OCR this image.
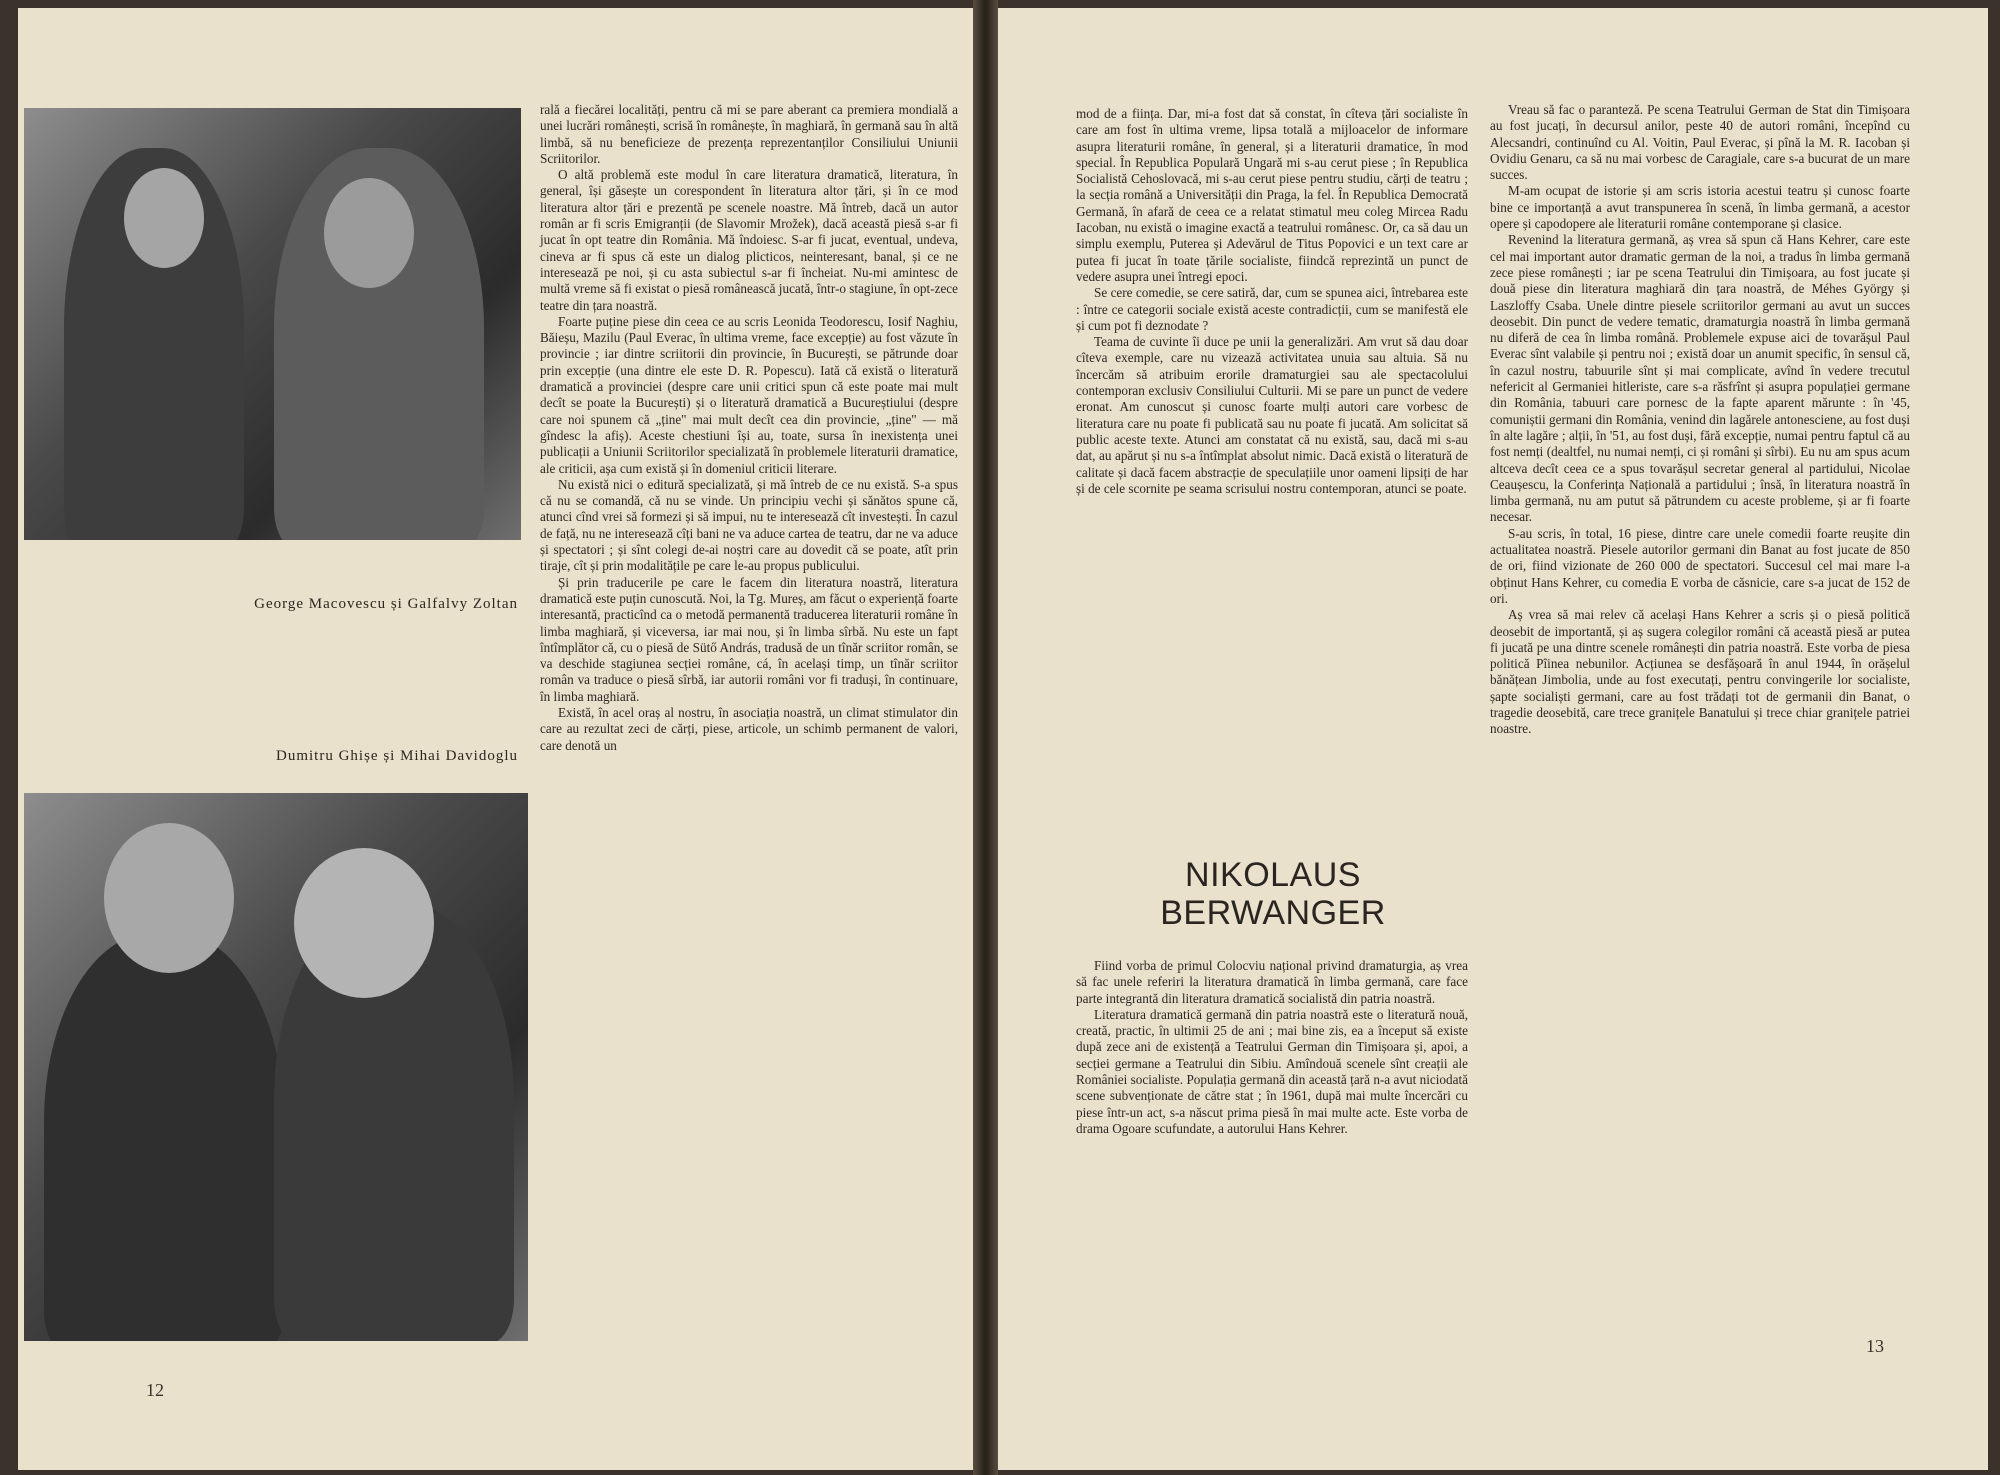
George Macovescu și Galfalvy Zoltan
Dumitru Ghișe și Mihai Davidoglu

rală a fiecărei localități, pentru că mi se pare aberant ca premiera mondială a unei lucrări românești, scrisă în românește, în maghiară, în germană sau în altă limbă, să nu beneficieze de prezența reprezentanților Consiliului Uniunii Scriitorilor.

O altă problemă este modul în care literatura dramatică, literatura, în general, își găsește un corespondent în literatura altor țări, și în ce mod literatura altor țări e prezentă pe scenele noastre. Mă întreb, dacă un autor român ar fi scris Emigranții (de Slavomir Mrožek), dacă această piesă s-ar fi jucat în opt teatre din România. Mă îndoiesc. S-ar fi jucat, eventual, undeva, cineva ar fi spus că este un dialog plicticos, neinteresant, banal, și ce ne interesează pe noi, și cu asta subiectul s-ar fi încheiat. Nu-mi amintesc de multă vreme să fi existat o piesă românească jucată, într-o stagiune, în opt-zece teatre din țara noastră.

Foarte puține piese din ceea ce au scris Leonida Teodorescu, Iosif Naghiu, Băieșu, Mazilu (Paul Everac, în ultima vreme, face excepție) au fost văzute în provincie ; iar dintre scriitorii din provincie, în București, se pătrunde doar prin excepție (una dintre ele este D. R. Popescu). Iată că există o literatură dramatică a provinciei (despre care unii critici spun că este poate mai mult decît se poate la București) și o literatură dramatică a Bucureștiului (despre care noi spunem că „ține" mai mult decît cea din provincie, „ține" — mă gîndesc la afiș). Aceste chestiuni își au, toate, sursa în inexistența unei publicații a Uniunii Scriitorilor specializată în problemele literaturii dramatice, ale criticii, așa cum există și în domeniul criticii literare.

Nu există nici o editură specializată, și mă întreb de ce nu există. S-a spus că nu se comandă, că nu se vinde. Un principiu vechi și sănătos spune că, atunci cînd vrei să formezi și să impui, nu te interesează cît investești. În cazul de față, nu ne interesează cîți bani ne va aduce cartea de teatru, dar ne va aduce și spectatori ; și sînt colegi de-ai noștri care au dovedit că se poate, atît prin tiraje, cît și prin modalitățile pe care le-au propus publicului.

Și prin traducerile pe care le facem din literatura noastră, literatura dramatică este puțin cunoscută. Noi, la Tg. Mureș, am făcut o experiență foarte interesantă, practicînd ca o metodă permanentă traducerea literaturii române în limba maghiară, și viceversa, iar mai nou, și în limba sîrbă. Nu este un fapt întîmplător că, cu o piesă de Sütő András, tradusă de un tînăr scriitor român, se va deschide stagiunea secției române, cá, în același timp, un tînăr scriitor român va traduce o piesă sîrbă, iar autorii români vor fi traduși, în continuare, în limba maghiară.

Există, în acel oraș al nostru, în asociația noastră, un climat stimulator din care au rezultat zeci de cărți, piese, articole, un schimb permanent de valori, care denotă un

12

mod de a ființa. Dar, mi-a fost dat să constat, în cîteva țări socialiste în care am fost în ultima vreme, lipsa totală a mijloacelor de informare asupra literaturii române, în general, și a literaturii dramatice, în mod special. În Republica Populară Ungară mi s-au cerut piese ; în Republica Socialistă Cehoslovacă, mi s-au cerut piese pentru studiu, cărți de teatru ; la secția română a Universității din Praga, la fel. În Republica Democrată Germană, în afară de ceea ce a relatat stimatul meu coleg Mircea Radu Iacoban, nu există o imagine exactă a teatrului românesc. Or, ca să dau un simplu exemplu, Puterea și Adevărul de Titus Popovici e un text care ar putea fi jucat în toate țările socialiste, fiindcă reprezintă un punct de vedere asupra unei întregi epoci.

Se cere comedie, se cere satiră, dar, cum se spunea aici, întrebarea este : între ce categorii sociale există aceste contradicții, cum se manifestă ele și cum pot fi deznodate ?

Teama de cuvinte îi duce pe unii la generalizări. Am vrut să dau doar cîteva exemple, care nu vizează activitatea unuia sau altuia. Să nu încercăm să atribuim erorile dramaturgiei sau ale spectacolului contemporan exclusiv Consiliului Culturii. Mi se pare un punct de vedere eronat. Am cunoscut și cunosc foarte mulți autori care vorbesc de literatura care nu poate fi publicată sau nu poate fi jucată. Am solicitat să public aceste texte. Atunci am constatat că nu există, sau, dacă mi s-au dat, au apărut și nu s-a întîmplat absolut nimic. Dacă există o literatură de calitate și dacă facem abstracție de speculațiile unor oameni lipsiți de har și de cele scornite pe seama scrisului nostru contemporan, atunci se poate.

NIKOLAUS BERWANGER

Fiind vorba de primul Colocviu național privind dramaturgia, aș vrea să fac unele referiri la literatura dramatică în limba germană, care face parte integrantă din literatura dramatică socialistă din patria noastră.

Literatura dramatică germană din patria noastră este o literatură nouă, creată, practic, în ultimii 25 de ani ; mai bine zis, ea a început să existe după zece ani de existență a Teatrului German din Timișoara și, apoi, a secției germane a Teatrului din Sibiu. Amîndouă scenele sînt creații ale României socialiste. Populația germană din această țară n-a avut niciodată scene subvenționate de către stat ; în 1961, după mai multe încercări cu piese într-un act, s-a născut prima piesă în mai multe acte. Este vorba de drama Ogoare scufundate, a autorului Hans Kehrer.

Vreau să fac o paranteză. Pe scena Teatrului German de Stat din Timișoara au fost jucați, în decursul anilor, peste 40 de autori români, începînd cu Alecsandri, continuînd cu Al. Voitin, Paul Everac, și pînă la M. R. Iacoban și Ovidiu Genaru, ca să nu mai vorbesc de Caragiale, care s-a bucurat de un mare succes.

M-am ocupat de istorie și am scris istoria acestui teatru și cunosc foarte bine ce importanță a avut transpunerea în scenă, în limba germană, a acestor opere și capodopere ale literaturii române contemporane și clasice.

Revenind la literatura germană, aș vrea să spun că Hans Kehrer, care este cel mai important autor dramatic german de la noi, a tradus în limba germană zece piese românești ; iar pe scena Teatrului din Timișoara, au fost jucate și două piese din literatura maghiară din țara noastră, de Méhes György și Laszloffy Csaba. Unele dintre piesele scriitorilor germani au avut un succes deosebit. Din punct de vedere tematic, dramaturgia noastră în limba germană nu diferă de cea în limba română. Problemele expuse aici de tovarășul Paul Everac sînt valabile și pentru noi ; există doar un anumit specific, în sensul că, în cazul nostru, tabuurile sînt și mai complicate, avînd în vedere trecutul nefericit al Germaniei hitleriste, care s-a răsfrînt și asupra populației germane din România, tabuuri care pornesc de la fapte aparent mărunte : în '45, comuniștii germani din România, venind din lagărele antonesciene, au fost duși în alte lagăre ; alții, în '51, au fost duși, fără excepție, numai pentru faptul că au fost nemți (dealtfel, nu numai nemți, ci și români și sîrbi). Eu nu am spus acum altceva decît ceea ce a spus tovarășul secretar general al partidului, Nicolae Ceaușescu, la Conferința Națională a partidului ; însă, în literatura noastră în limba germană, nu am putut să pătrundem cu aceste probleme, și ar fi foarte necesar.

S-au scris, în total, 16 piese, dintre care unele comedii foarte reușite din actualitatea noastră. Piesele autorilor germani din Banat au fost jucate de 850 de ori, fiind vizionate de 260 000 de spectatori. Succesul cel mai mare l-a obținut Hans Kehrer, cu comedia E vorba de căsnicie, care s-a jucat de 152 de ori.

Aș vrea să mai relev că același Hans Kehrer a scris și o piesă politică deosebit de importantă, și aș sugera colegilor români că această piesă ar putea fi jucată pe una dintre scenele românești din patria noastră. Este vorba de piesa politică Pîinea nebunilor. Acțiunea se desfășoară în anul 1944, în orășelul bănățean Jimbolia, unde au fost executați, pentru convingerile lor socialiste, șapte socialiști germani, care au fost trădați tot de germanii din Banat, o tragedie deosebită, care trece granițele Banatului și trece chiar granițele patriei noastre.

13
